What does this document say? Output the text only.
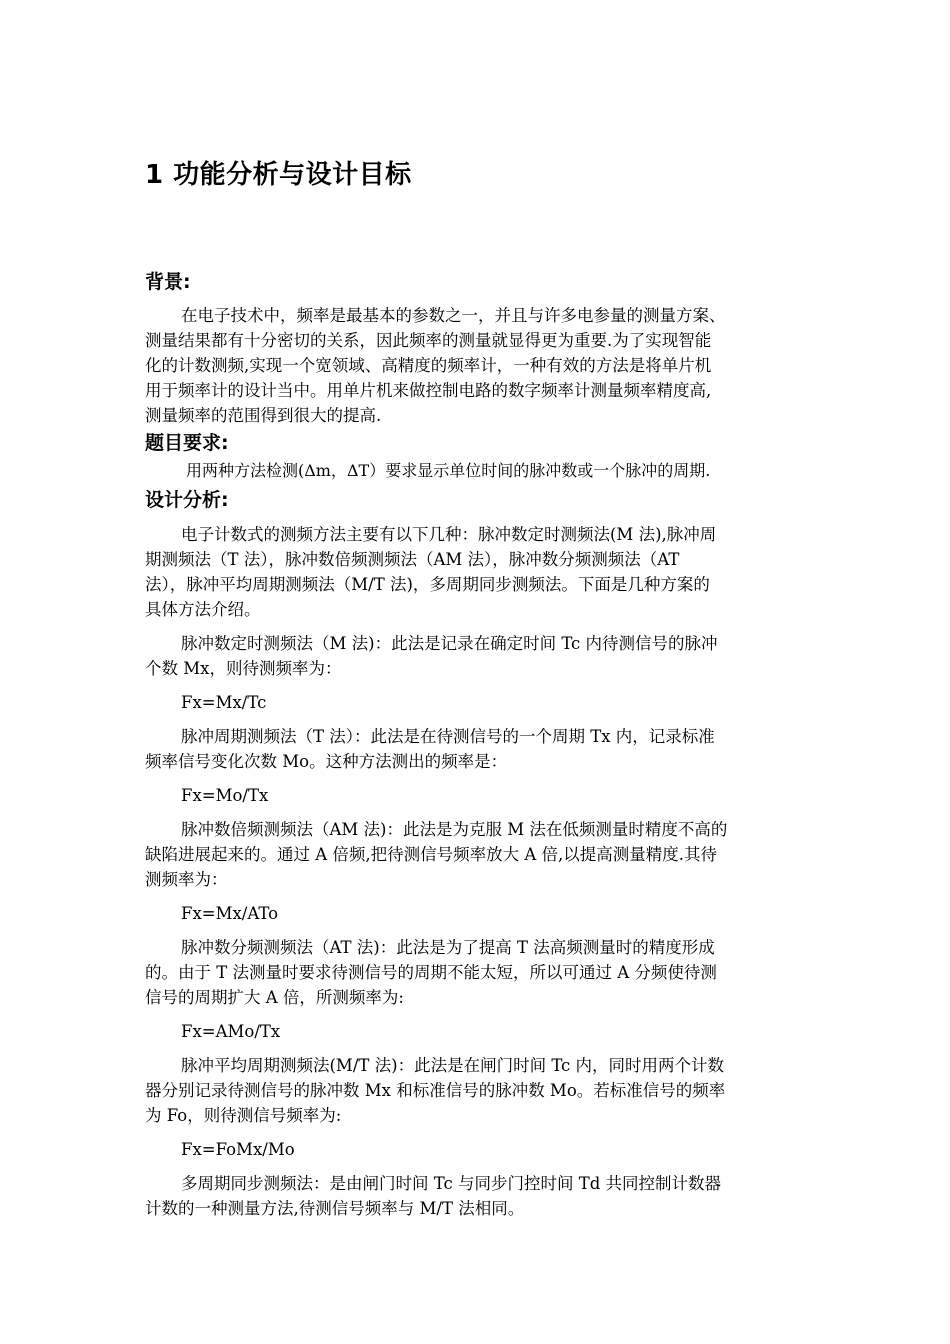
1 功能分析与设计目标
背景:

在电子技术中，频率是最基本的参数之一，并且与许多电参量的测量方案、
测量结果都有十分密切的关系，因此频率的测量就显得更为重要.为了实现智能
化的计数测频,实现一个宽领域、高精度的频率计，一种有效的方法是将单片机
用于频率计的设计当中。用单片机来做控制电路的数字频率计测量频率精度高,
测量频率的范围得到很大的提高.

题目要求:

用两种方法检测(Δm，ΔT）要求显示单位时间的脉冲数或一个脉冲的周期.

设计分析:

电子计数式的测频方法主要有以下几种：脉冲数定时测频法(M 法),脉冲周
期测频法（T 法），脉冲数倍频测频法（AM 法），脉冲数分频测频法（AT
法），脉冲平均周期测频法（M/T 法)，多周期同步测频法。下面是几种方案的
具体方法介绍。

脉冲数定时测频法（M 法)：此法是记录在确定时间 Tc 内待测信号的脉冲
个数 Mx，则待测频率为：

Fx=Mx/Tc

脉冲周期测频法（T 法）：此法是在待测信号的一个周期 Tx 内，记录标准
频率信号变化次数 Mo。这种方法测出的频率是：

Fx=Mo/Tx

脉冲数倍频测频法（AM 法)：此法是为克服 M 法在低频测量时精度不高的
缺陷进展起来的。通过 A 倍频,把待测信号频率放大 A 倍,以提高测量精度.其待
测频率为：

Fx=Mx/ATo

脉冲数分频测频法（AT 法)：此法是为了提高 T 法高频测量时的精度形成
的。由于 T 法测量时要求待测信号的周期不能太短，所以可通过 A 分频使待测
信号的周期扩大 A 倍，所测频率为:

Fx=AMo/Tx

脉冲平均周期测频法(M/T 法)：此法是在闸门时间 Tc 内，同时用两个计数
器分别记录待测信号的脉冲数 Mx 和标准信号的脉冲数 Mo。若标准信号的频率
为 Fo，则待测信号频率为:

Fx=FoMx/Mo

多周期同步测频法：是由闸门时间 Tc 与同步门控时间 Td 共同控制计数器
计数的一种测量方法,待测信号频率与 M/T 法相同。
